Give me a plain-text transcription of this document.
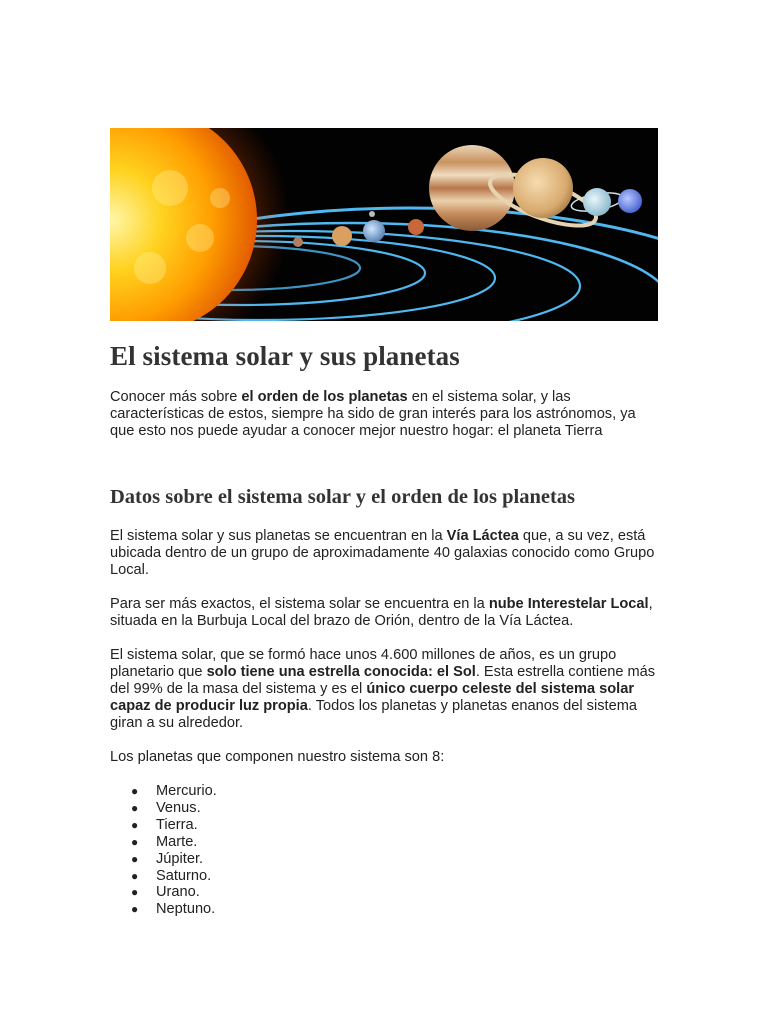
El sistema solar y sus planetas

Conocer más sobre el orden de los planetas en el sistema solar, y las características de estos, siempre ha sido de gran interés para los astrónomos, ya que esto nos puede ayudar a conocer mejor nuestro hogar: el planeta Tierra

Datos sobre el sistema solar y el orden de los planetas

El sistema solar y sus planetas se encuentran en la Vía Láctea que, a su vez, está ubicada dentro de un grupo de aproximadamente 40 galaxias conocido como Grupo Local.

Para ser más exactos, el sistema solar se encuentra en la nube Interestelar Local, situada en la Burbuja Local del brazo de Orión, dentro de la Vía Láctea.

El sistema solar, que se formó hace unos 4.600 millones de años, es un grupo planetario que solo tiene una estrella conocida: el Sol. Esta estrella contiene más del 99% de la masa del sistema y es el único cuerpo celeste del sistema solar capaz de producir luz propia. Todos los planetas y planetas enanos del sistema giran a su alrededor.

Los planetas que componen nuestro sistema son 8:

● Mercurio.
● Venus.
● Tierra.
● Marte.
● Júpiter.
● Saturno.
● Urano.
● Neptuno.
